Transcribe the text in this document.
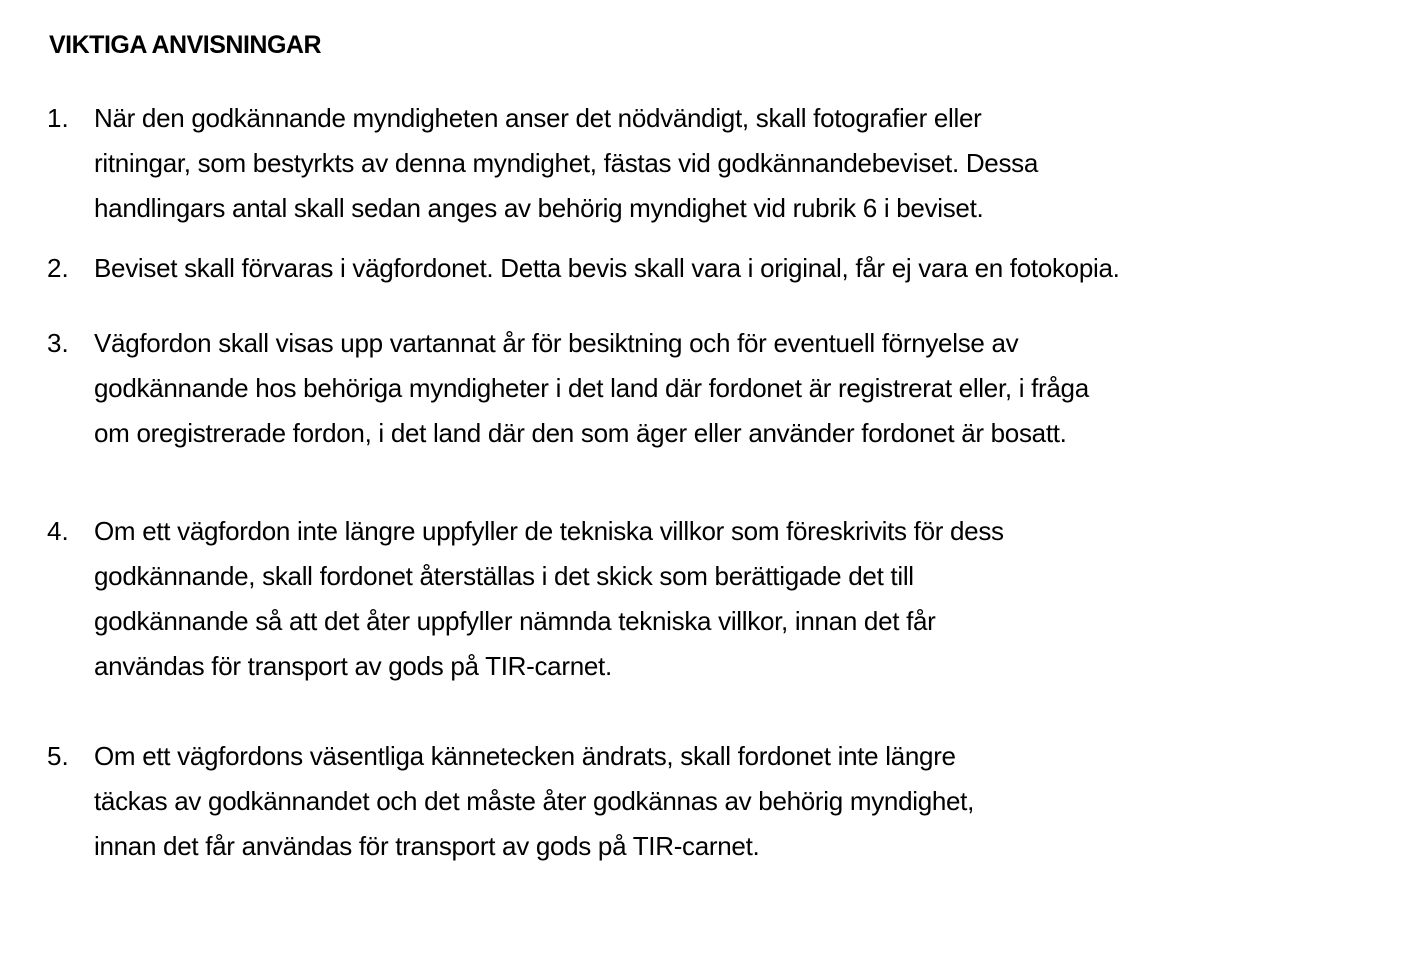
VIKTIGA ANVISNINGAR
1. När den godkännande myndigheten anser det nödvändigt, skall fotografier eller
ritningar, som bestyrkts av denna myndighet, fästas vid godkännandebeviset. Dessa
handlingars antal skall sedan anges av behörig myndighet vid rubrik 6 i beviset.
2. Beviset skall förvaras i vägfordonet. Detta bevis skall vara i original, får ej vara en fotokopia.
3. Vägfordon skall visas upp vartannat år för besiktning och för eventuell förnyelse av
godkännande hos behöriga myndigheter i det land där fordonet är registrerat eller, i fråga
om oregistrerade fordon, i det land där den som äger eller använder fordonet är bosatt.
4. Om ett vägfordon inte längre uppfyller de tekniska villkor som föreskrivits för dess
godkännande, skall fordonet återställas i det skick som berättigade det till
godkännande så att det åter uppfyller nämnda tekniska villkor, innan det får
användas för transport av gods på TIR-carnet.
5. Om ett vägfordons väsentliga kännetecken ändrats, skall fordonet inte längre
täckas av godkännandet och det måste åter godkännas av behörig myndighet,
innan det får användas för transport av gods på TIR-carnet.
